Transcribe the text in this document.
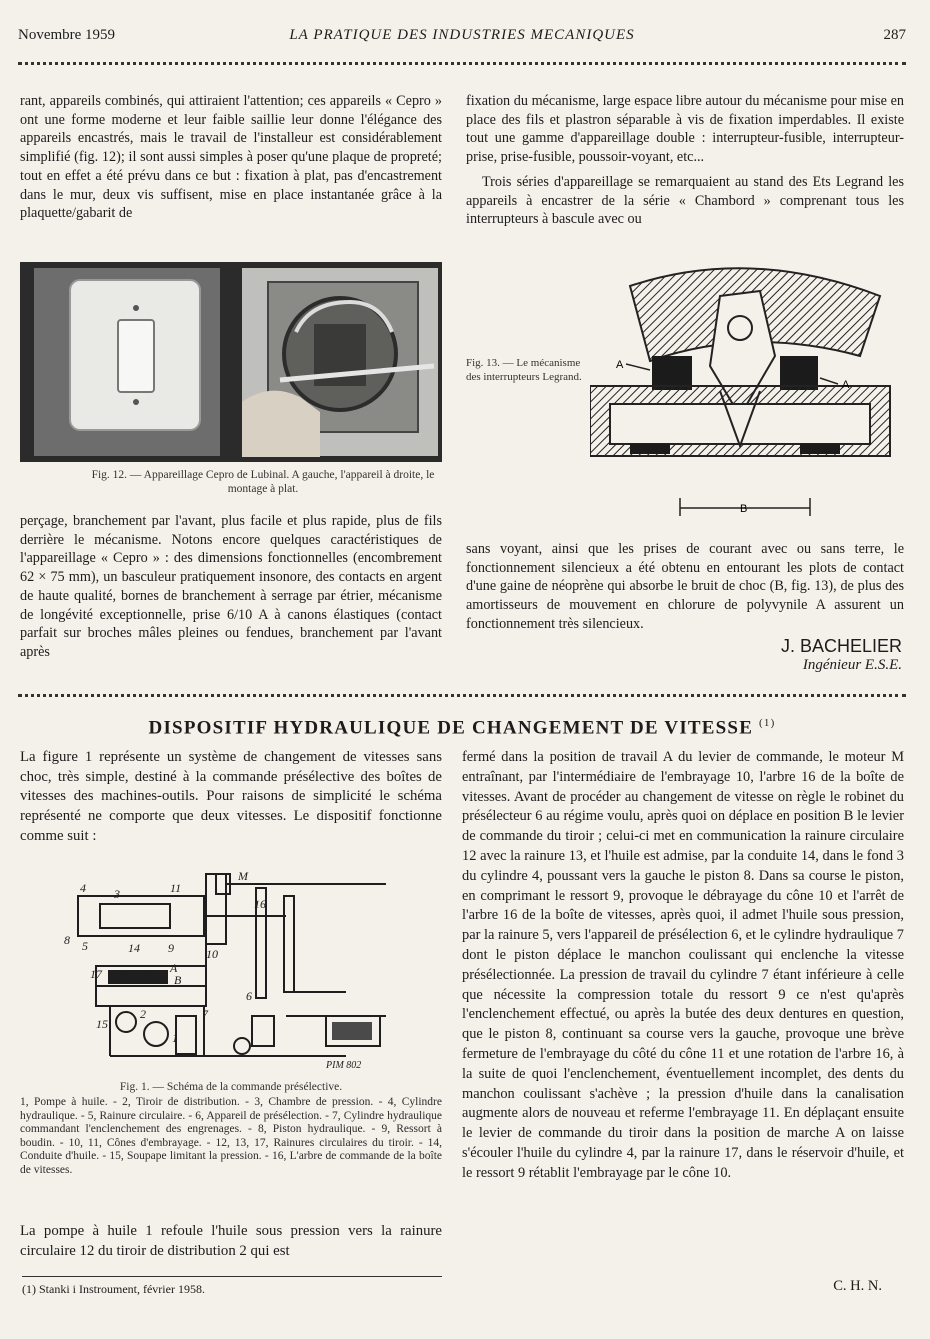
Novembre 1959	LA PRATIQUE DES INDUSTRIES MECANIQUES	287

rant, appareils combinés, qui attiraient l'attention; ces appareils « Cepro » ont une forme moderne et leur faible saillie leur donne l'élégance des appareils encastrés, mais le travail de l'installeur est considérablement simplifié (fig. 12); il sont aussi simples à poser qu'une plaque de propreté; tout en effet a été prévu dans ce but : fixation à plat, pas d'encastrement dans le mur, deux vis suffisent, mise en place instantanée grâce à la plaquette/gabarit de

Fig. 12. — Appareillage Cepro de Lubinal. A gauche, l'appareil à droite, le montage à plat.

perçage, branchement par l'avant, plus facile et plus rapide, plus de fils derrière le mécanisme. Notons encore quelques caractéristiques de l'appareillage « Cepro » : des dimensions fonctionnelles (encombrement 62 × 75 mm), un basculeur pratiquement insonore, des contacts en argent de haute qualité, bornes de branchement à serrage par étrier, mécanisme de longévité exceptionnelle, prise 6/10 A à canons élastiques (contact parfait sur broches mâles pleines ou fendues, branchement par l'avant après

fixation du mécanisme, large espace libre autour du mécanisme pour mise en place des fils et plastron séparable à vis de fixation imperdables. Il existe tout une gamme d'appareillage double : interrupteur-fusible, interrupteur-prise, prise-fusible, poussoir-voyant, etc...

Trois séries d'appareillage se remarquaient au stand des Ets Legrand les appareils à encastrer de la série « Chambord » comprenant tous les interrupteurs à bascule avec ou

A
A
B
Fig. 13. — Le mécanisme des interrupteurs Legrand.

sans voyant, ainsi que les prises de courant avec ou sans terre, le fonctionnement silencieux a été obtenu en entourant les plots de contact d'une gaine de néoprène qui absorbe le bruit de choc (B, fig. 13), de plus des amortisseurs de mouvement en chlorure de polyvynile A assurent un fonctionnement très silencieux.

J. BACHELIER
Ingénieur E.S.E.
DISPOSITIF HYDRAULIQUE DE CHANGEMENT DE VITESSE $^{(1)}$

La figure 1 représente un système de changement de vitesses sans choc, très simple, destiné à la commande présélective des boîtes de vitesses des machines-outils. Pour raisons de simplicité le schéma représenté ne comporte que deux vitesses. Le dispositif fonctionne comme suit :

4 3	11
M
16
8 5	14 9	10
17 13 12 A
B
6
7
15
2
1
PIM 802
Fig. 1. — Schéma de la commande présélective.
1, Pompe à huile. - 2, Tiroir de distribution. - 3, Chambre de pression. - 4, Cylindre hydraulique. - 5, Rainure circulaire. - 6, Appareil de présélection. - 7, Cylindre hydraulique commandant l'enclenchement des engrenages. - 8, Piston hydraulique. - 9, Ressort à boudin. - 10, 11, Cônes d'embrayage. - 12, 13, 17, Rainures circulaires du tiroir. - 14, Conduite d'huile. - 15, Soupape limitant la pression. - 16, L'arbre de commande de la boîte de vitesses.

La pompe à huile 1 refoule l'huile sous pression vers la rainure circulaire 12 du tiroir de distribution 2 qui est

fermé dans la position de travail A du levier de commande, le moteur M entraînant, par l'intermédiaire de l'embrayage 10, l'arbre 16 de la boîte de vitesses. Avant de procéder au changement de vitesse on règle le robinet du présélecteur 6 au régime voulu, après quoi on déplace en position B le levier de commande du tiroir ; celui-ci met en communication la rainure circulaire 12 avec la rainure 13, et l'huile est admise, par la conduite 14, dans le fond 3 du cylindre 4, poussant vers la gauche le piston 8. Dans sa course le piston, en comprimant le ressort 9, provoque le débrayage du cône 10 et l'arrêt de l'arbre 16 de la boîte de vitesses, après quoi, il admet l'huile sous pression, par la rainure 5, vers l'appareil de présélection 6, et le cylindre hydraulique 7 dont le piston déplace le manchon coulissant qui enclenche la vitesse présélectionnée. La pression de travail du cylindre 7 étant inférieure à celle que nécessite la compression totale du ressort 9 ce n'est qu'après l'enclenchement effectué, ou après la butée des deux dentures en question, que le piston 8, continuant sa course vers la gauche, provoque une brève fermeture de l'embrayage du côté du cône 11 et une rotation de l'arbre 16, à la suite de quoi l'enclenchement, éventuellement incomplet, des dents du manchon coulissant s'achève ; la pression d'huile dans la canalisation augmente alors de nouveau et referme l'embrayage 11. En déplaçant ensuite le levier de commande du tiroir dans la position de marche A on laisse s'écouler l'huile du cylindre 4, par la rainure 17, dans le réservoir d'huile, et le ressort 9 rétablit l'embrayage par le cône 10.

(1) Stanki i Instroument, février 1958.	C. H. N.
